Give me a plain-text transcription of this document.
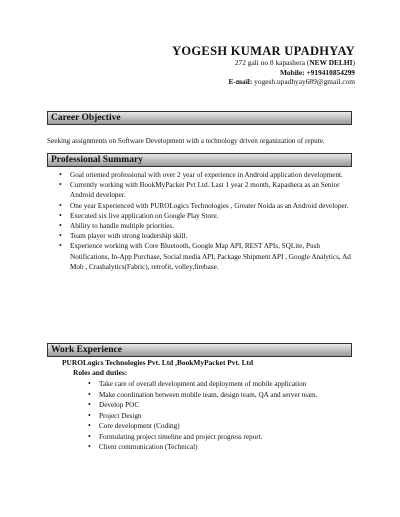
YOGESH KUMAR UPADHYAY
272 gali no 8 kapashera (NEW DELHI)
Mobile: +919410854299
E-mail: yogesh.upadhyay689@gmail.com
Career Objective
Seeking assignments on Software Development with a technology driven organization of repute.
Professional Summary
• Goal oriented professional with over 2 year of experience in Android application development.
• Currently working with BookMyPacket Pvt Ltd. Last 1 year 2 month, Kapashera as an Senior Android developer.
• One year Experienced with PUROLogics Technologies , Greater Noida as an Android developer.
• Executed six live application on Google Play Store.
• Ability to handle multiple priorities.
• Team player with strong leadership skill.
• Experience working with Core Bluetooth, Google Map API, REST APIs, SQLite, Push Notifications, In-App Purchase, Social media API, Package Shipment API , Google Analytics, Ad Mob , Crashalytics(Fabric), retrofit, volley,firebase.
Work Experience
PUROLogics Technologies Pvt. Ltd ,BookMyPacket Pvt. Ltd
Roles and duties:
• Take care of overall development and deployment of mobile application
• Make coordination between mobile team, design team, QA and server team.
• Develop POC
• Project Design
• Core development (Coding)
• Formulating project timeline and project progress report.
• Client communication (Technical)
